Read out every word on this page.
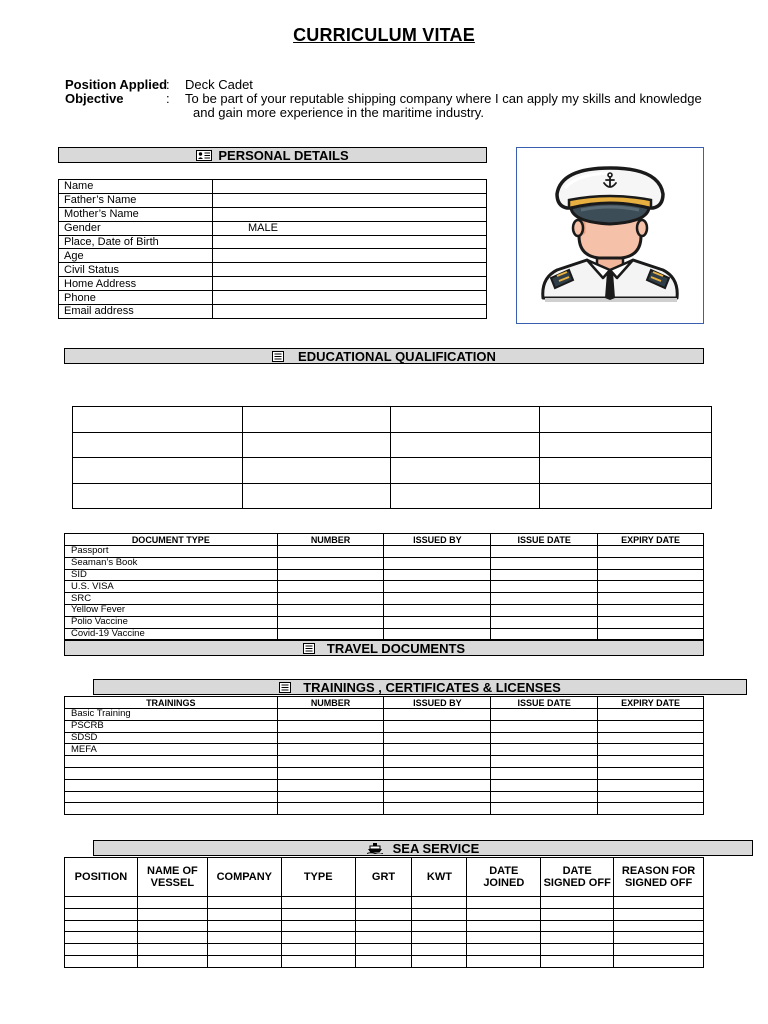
CURRICULUM VITAE
Position Applied
: Deck Cadet
Objective	: To be part of your reputable shipping company where I can apply my skills and knowledge
and gain more experience in the maritime industry.
PERSONAL DETAILS
Name	
Father’s Name	
Mother’s Name	
Gender	MALE
Place, Date of Birth	
Age	
Civil Status	
Home Address	
Phone	
Email address	
EDUCATIONAL QUALIFICATION

DOCUMENT TYPE	NUMBER	ISSUED BY	ISSUE DATE	EXPIRY DATE
Passport				
Seaman’s Book				
SID				
U.S. VISA				
SRC				
Yellow Fever				
Polio Vaccine				
Covid-19 Vaccine				
TRAVEL DOCUMENTS
TRAININGS , CERTIFICATES & LICENSES
TRAININGS	NUMBER	ISSUED BY	ISSUE DATE	EXPIRY DATE
Basic Training				
PSCRB				
SDSD				
MEFA				

SEA SERVICE
POSITION	NAME OF VESSEL	COMPANY	TYPE	GRT	KWT	DATE JOINED	DATE SIGNED OFF	REASON FOR SIGNED OFF
